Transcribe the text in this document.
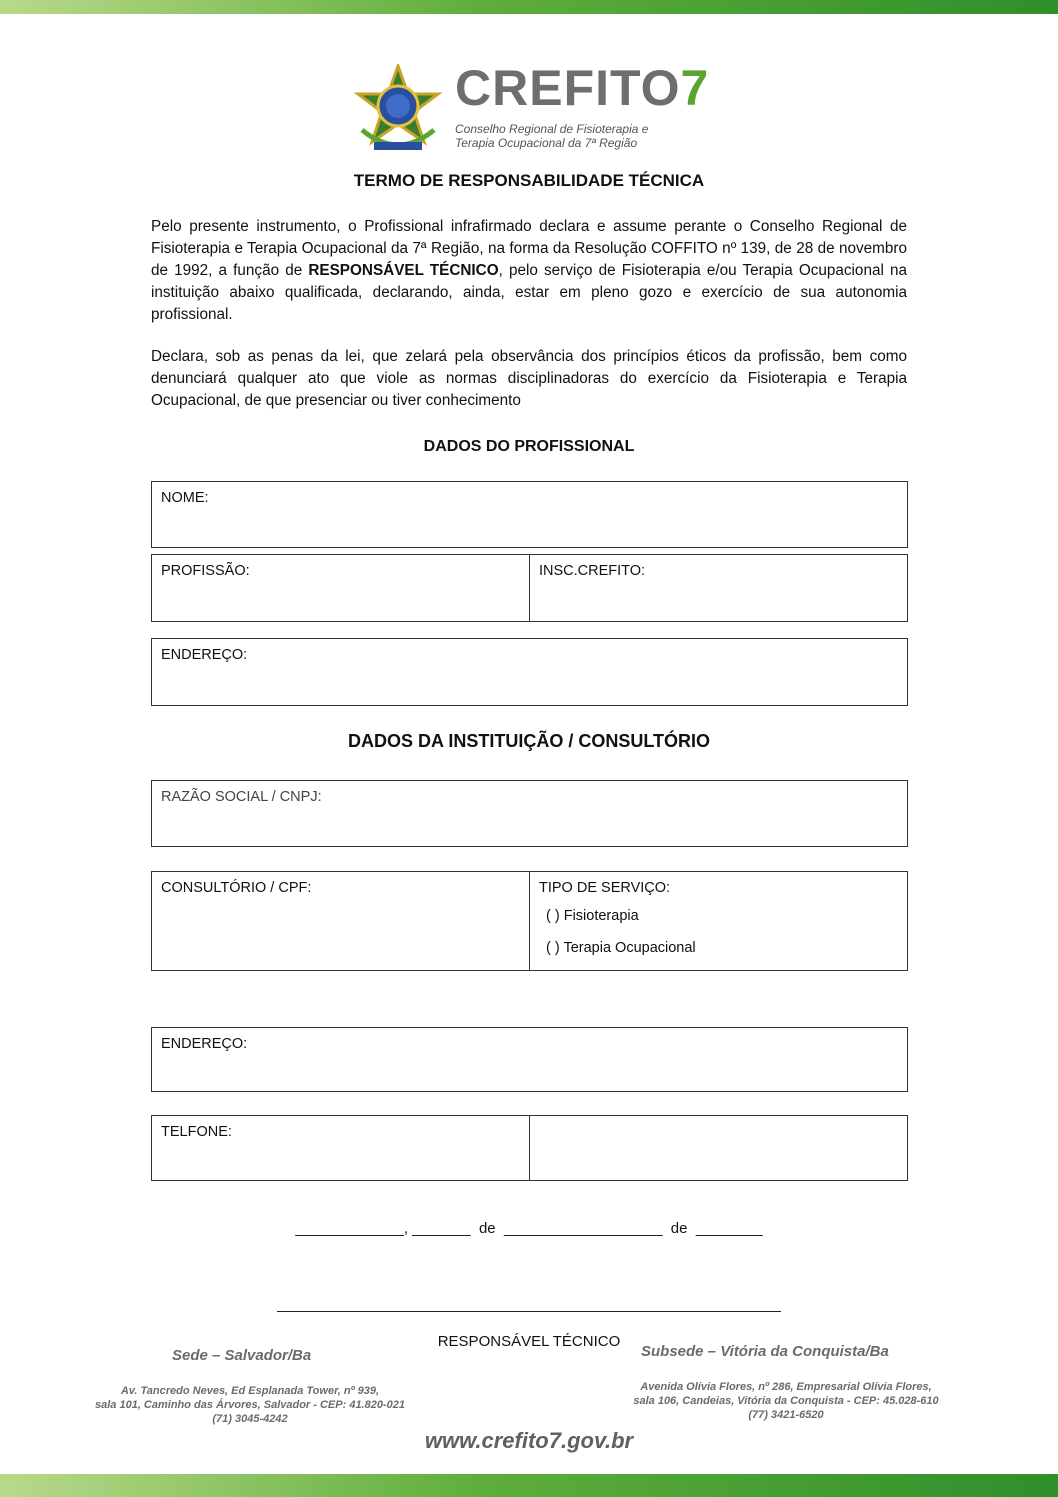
CREFITO7
Conselho Regional de Fisioterapia e
Terapia Ocupacional da 7ª Região
TERMO DE RESPONSABILIDADE TÉCNICA
Pelo presente instrumento, o Profissional infrafirmado declara e assume perante o Conselho Regional de Fisioterapia e Terapia Ocupacional da 7ª Região, na forma da Resolução COFFITO nº 139, de 28 de novembro de 1992, a função de RESPONSÁVEL TÉCNICO, pelo serviço de Fisioterapia e/ou Terapia Ocupacional na instituição abaixo qualificada, declarando, ainda, estar em pleno gozo e exercício de sua autonomia profissional.
Declara, sob as penas da lei, que zelará pela observância dos princípios éticos da profissão, bem como denunciará qualquer ato que viole as normas disciplinadoras do exercício da Fisioterapia e Terapia Ocupacional, de que presenciar ou tiver conhecimento
DADOS DO PROFISSIONAL
NOME:
PROFISSÃO:	INSC.CREFITO:
ENDEREÇO:
DADOS DA INSTITUIÇÃO / CONSULTÓRIO
RAZÃO SOCIAL / CNPJ:
CONSULTÓRIO / CPF:	TIPO DE SERVIÇO:
( ) Fisioterapia
( ) Terapia Ocupacional
ENDEREÇO:
TELFONE:
_____________, _______  de  ___________________  de  ________
RESPONSÁVEL TÉCNICO
Sede – Salvador/Ba
Av. Tancredo Neves, Ed Esplanada Tower, nº 939,
sala 101, Caminho das Árvores, Salvador - CEP: 41.820-021
(71) 3045-4242
Subsede – Vitória da Conquista/Ba
Avenida Olívia Flores, nº 286, Empresarial Olívia Flores,
sala 106, Candeias, Vitória da Conquista - CEP: 45.028-610
(77) 3421-6520
www.crefito7.gov.br
